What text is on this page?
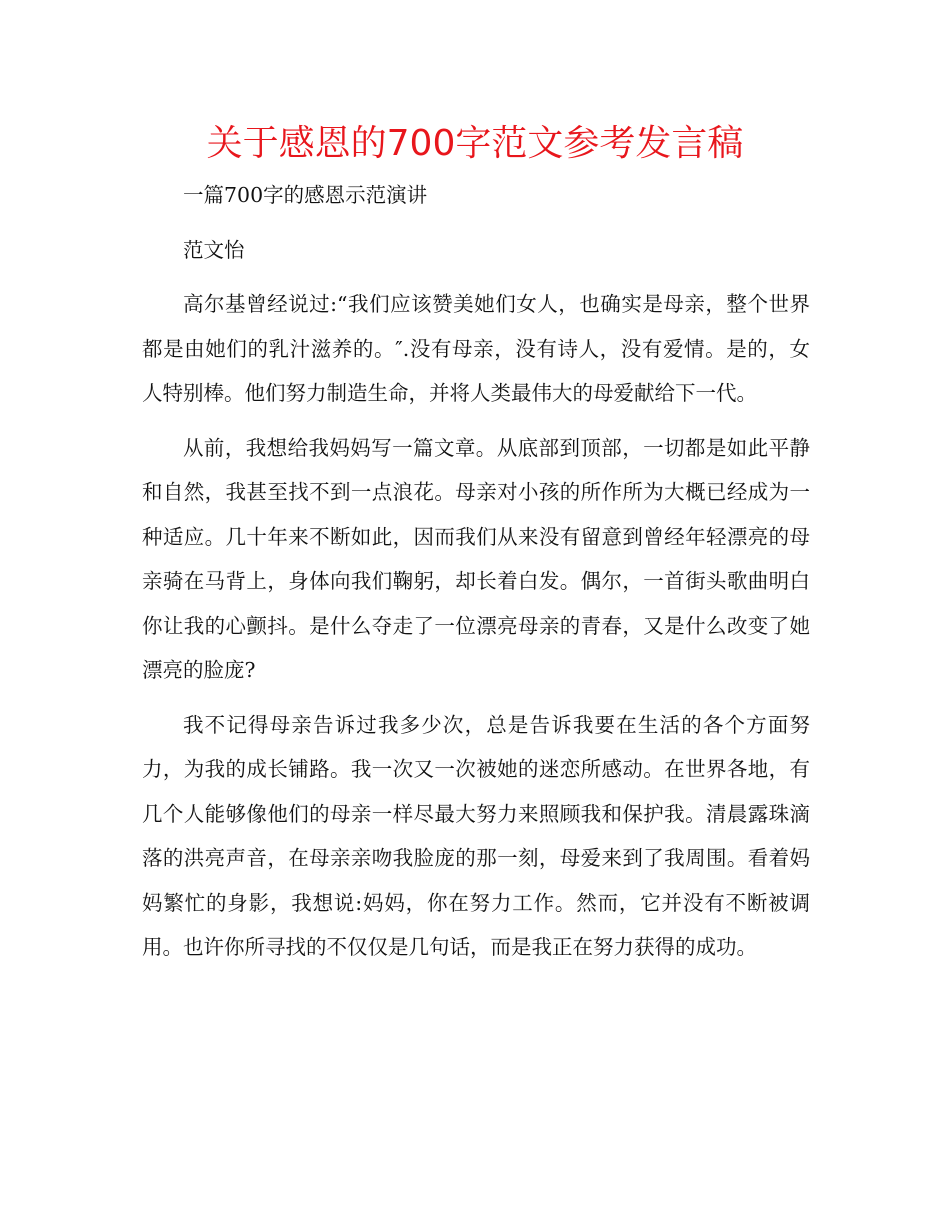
关于感恩的700字范文参考发言稿

一篇700字的感恩示范演讲

范文怡

高尔基曾经说过:“我们应该赞美她们女人，也确实是母亲，整个世界都是由她们的乳汁滋养的。″.没有母亲，没有诗人，没有爱情。是的，女人特别棒。他们努力制造生命，并将人类最伟大的母爱献给下一代。

从前，我想给我妈妈写一篇文章。从底部到顶部，一切都是如此平静和自然，我甚至找不到一点浪花。母亲对小孩的所作所为大概已经成为一种适应。几十年来不断如此，因而我们从来没有留意到曾经年轻漂亮的母亲骑在马背上，身体向我们鞠躬，却长着白发。偶尔，一首街头歌曲明白你让我的心颤抖。是什么夺走了一位漂亮母亲的青春，又是什么改变了她漂亮的脸庞?

我不记得母亲告诉过我多少次，总是告诉我要在生活的各个方面努力，为我的成长铺路。我一次又一次被她的迷恋所感动。在世界各地，有几个人能够像他们的母亲一样尽最大努力来照顾我和保护我。清晨露珠滴落的洪亮声音，在母亲亲吻我脸庞的那一刻，母爱来到了我周围。看着妈妈繁忙的身影，我想说:妈妈，你在努力工作。然而，它并没有不断被调用。也许你所寻找的不仅仅是几句话，而是我正在努力获得的成功。
